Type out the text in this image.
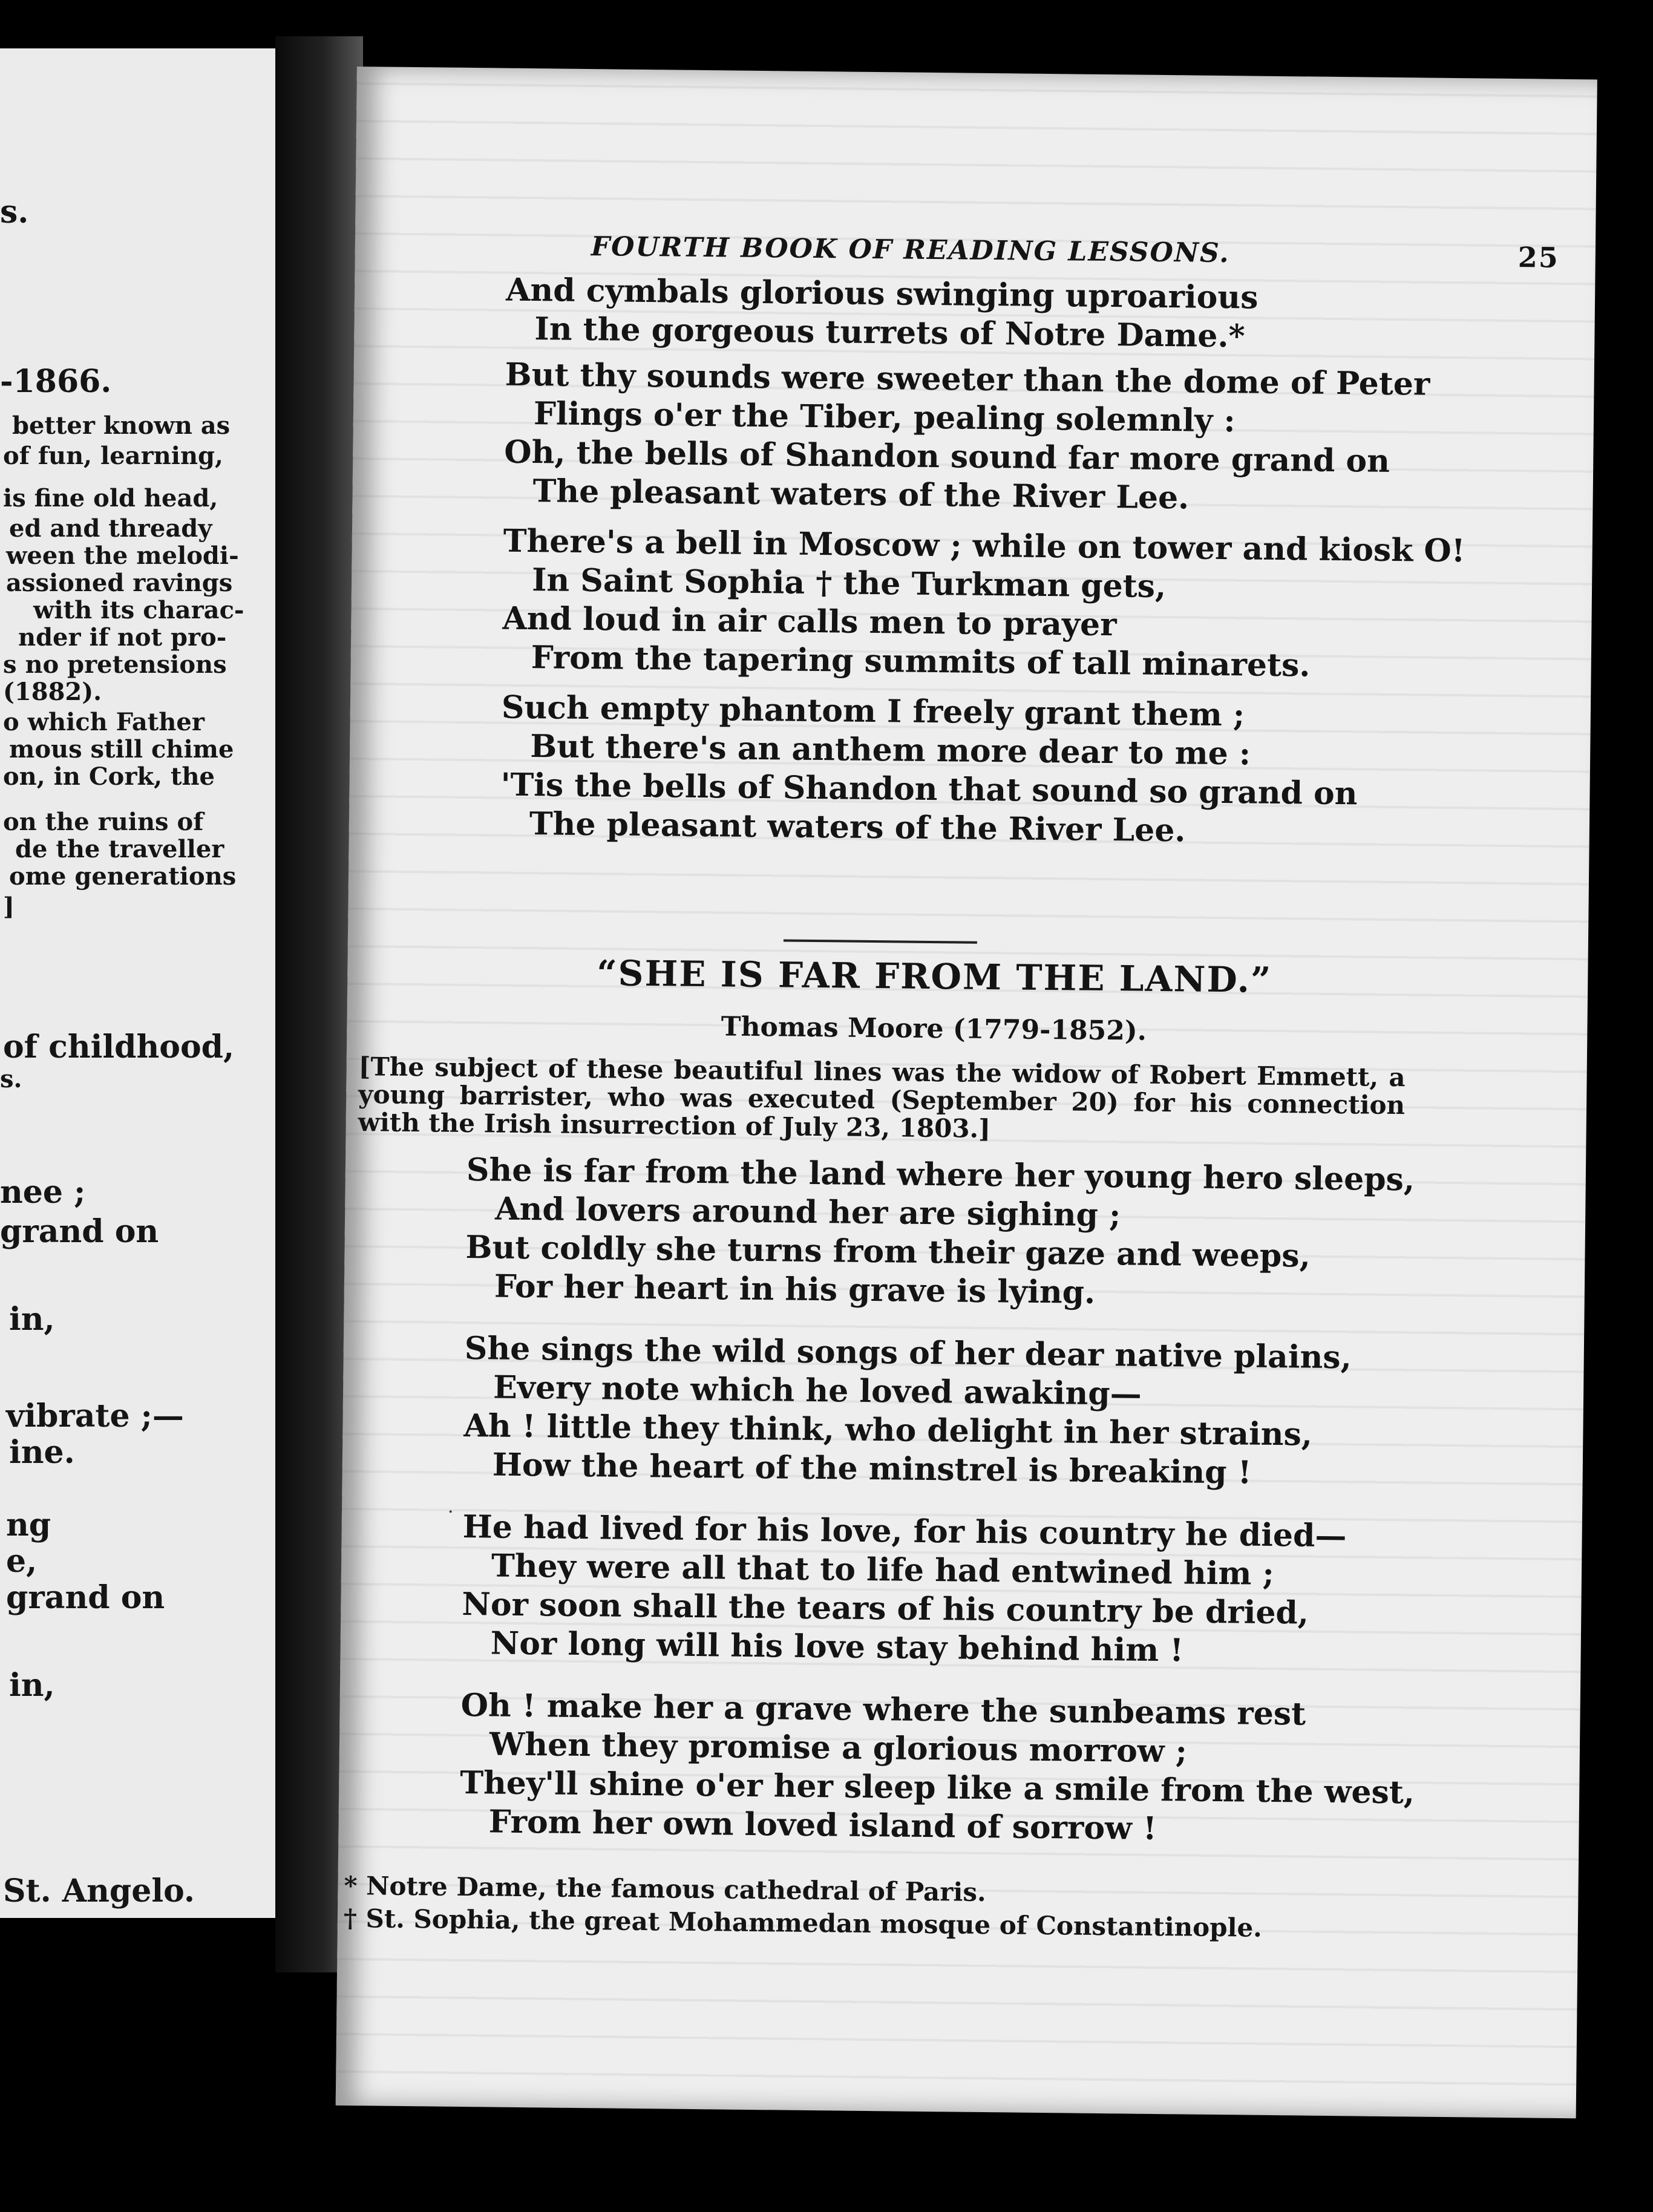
s.
-1866.
better known as
of fun, learning,
is fine old head,
ed and thready
ween the melodi-
assioned ravings
with its charac-
nder if not pro-
s no pretensions
(1882).
o which Father
mous still chime
on, in Cork, the
on the ruins of
de the traveller
ome generations
]
of childhood,
s.
nee ;
grand on
in,
vibrate ;—
ine.
ng
e,
grand on
in,
St. Angelo.
FOURTH BOOK OF READING LESSONS.	25
And cymbals glorious swinging uproarious
In the gorgeous turrets of Notre Dame.*
But thy sounds were sweeter than the dome of Peter
Flings o'er the Tiber, pealing solemnly :
Oh, the bells of Shandon sound far more grand on
The pleasant waters of the River Lee.
There's a bell in Moscow ; while on tower and kiosk O!
In Saint Sophia † the Turkman gets,
And loud in air calls men to prayer
From the tapering summits of tall minarets.
Such empty phantom I freely grant them ;
But there's an anthem more dear to me :
'Tis the bells of Shandon that sound so grand on
The pleasant waters of the River Lee.
“SHE IS FAR FROM THE LAND.”
Thomas Moore (1779-1852).
[The subject of these beautiful lines was the widow of Robert Emmett, a young barrister, who was executed (September 20) for his connection with the Irish insurrection of July 23, 1803.]
She is far from the land where her young hero sleeps,
And lovers around her are sighing ;
But coldly she turns from their gaze and weeps,
For her heart in his grave is lying.
She sings the wild songs of her dear native plains,
Every note which he loved awaking—
Ah ! little they think, who delight in her strains,
How the heart of the minstrel is breaking !
He had lived for his love, for his country he died—
They were all that to life had entwined him ;
Nor soon shall the tears of his country be dried,
Nor long will his love stay behind him !
Oh ! make her a grave where the sunbeams rest
When they promise a glorious morrow ;
They'll shine o'er her sleep like a smile from the west,
From her own loved island of sorrow !
* Notre Dame, the famous cathedral of Paris.
† St. Sophia, the great Mohammedan mosque of Constantinople.
·
